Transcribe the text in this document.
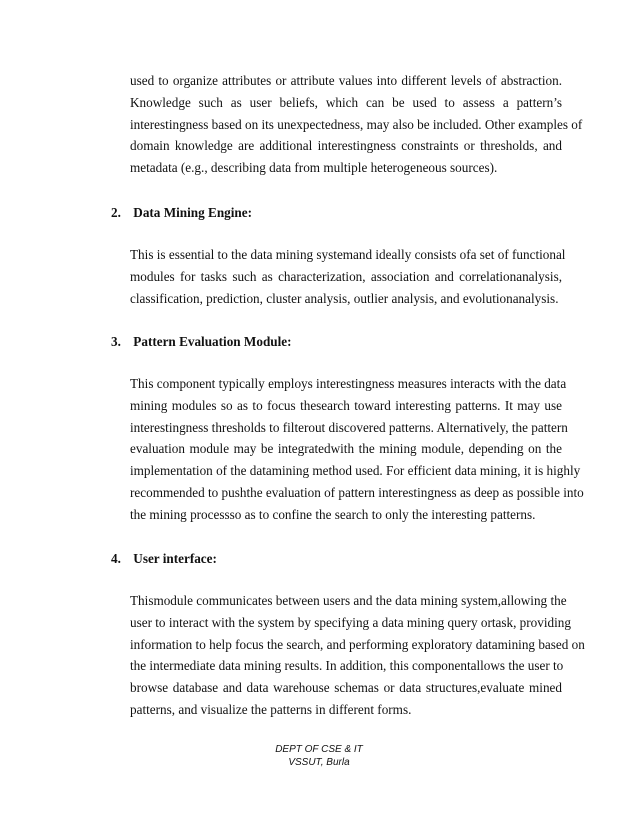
used to organize attributes or attribute values into different levels of abstraction.
Knowledge such as user beliefs, which can be used to assess a pattern’s
interestingness based on its unexpectedness, may also be included. Other examples of
domain knowledge are additional interestingness constraints or thresholds, and
metadata (e.g., describing data from multiple heterogeneous sources).
2. Data Mining Engine:
This is essential to the data mining systemand ideally consists ofa set of functional
modules for tasks such as characterization, association and correlationanalysis,
classification, prediction, cluster analysis, outlier analysis, and evolutionanalysis.
3. Pattern Evaluation Module:
This component typically employs interestingness measures interacts with the data
mining modules so as to focus thesearch toward interesting patterns. It may use
interestingness thresholds to filterout discovered patterns. Alternatively, the pattern
evaluation module may be integratedwith the mining module, depending on the
implementation of the datamining method used. For efficient data mining, it is highly
recommended to pushthe evaluation of pattern interestingness as deep as possible into
the mining processso as to confine the search to only the interesting patterns.
4. User interface:
Thismodule communicates between users and the data mining system,allowing the
user to interact with the system by specifying a data mining query ortask, providing
information to help focus the search, and performing exploratory datamining based on
the intermediate data mining results. In addition, this componentallows the user to
browse database and data warehouse schemas or data structures,evaluate mined
patterns, and visualize the patterns in different forms.
DEPT OF CSE & IT
VSSUT, Burla
